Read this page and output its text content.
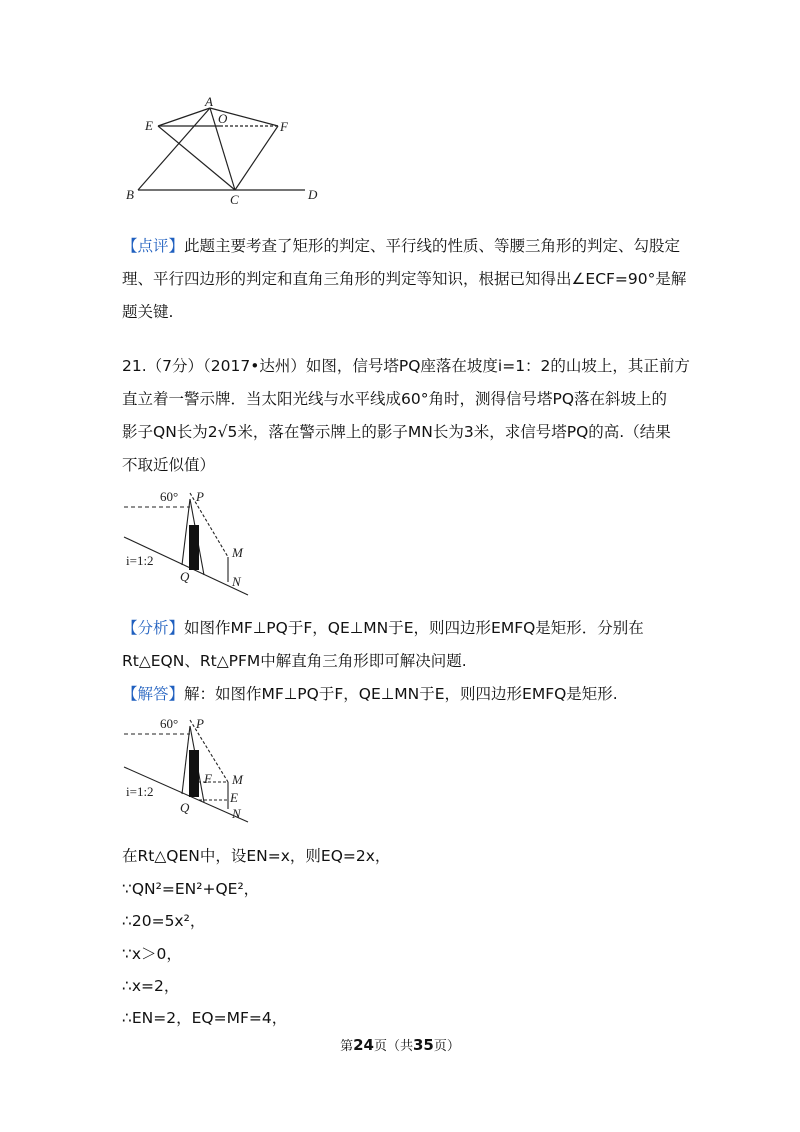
A
O
E	F
B	C	D
【点评】此题主要考查了矩形的判定、平行线的性质、等腰三角形的判定、勾股定
理、平行四边形的判定和直角三角形的判定等知识，根据已知得出∠ECF=90°是解
题关键.
21.（7分）（2017•达州）如图，信号塔PQ座落在坡度i=1：2的山坡上，其正前方
直立着一警示牌．当太阳光线与水平线成60°角时，测得信号塔PQ落在斜坡上的
影子QN长为2√5米，落在警示牌上的影子MN长为3米，求信号塔PQ的高.（结果
不取近似值）
60° P
M
Q	N
i=1:2
【分析】如图作MF⊥PQ于F，QE⊥MN于E，则四边形EMFQ是矩形．分别在
Rt△EQN、Rt△PFM中解直角三角形即可解决问题.
【解答】解：如图作MF⊥PQ于F，QE⊥MN于E，则四边形EMFQ是矩形.
60° P
M
F
E
Q	N
i=1:2
在Rt△QEN中，设EN=x，则EQ=2x，
∵QN²=EN²+QE²，
∴20=5x²，
∵x＞0，
∴x=2，
∴EN=2，EQ=MF=4，
第24页（共35页）
